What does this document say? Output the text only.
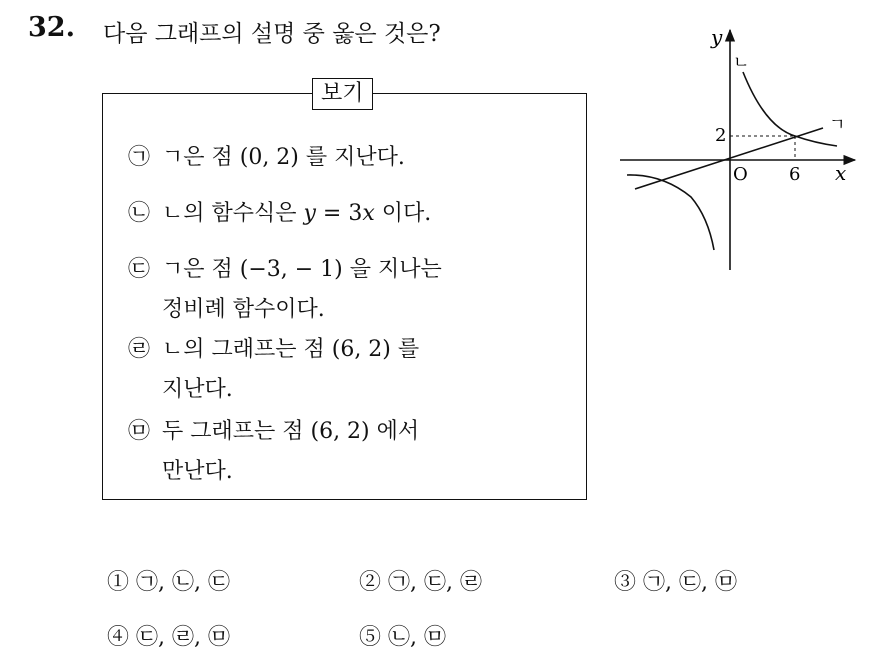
32. 다음 그래프의 설명 중 옳은 것은?
보기
㉠ ㄱ은 점 (0, 2) 를 지난다.
㉡ ㄴ의 함수식은 y = 3x 이다.
㉢ ㄱ은 점 (−3, − 1) 을 지나는
정비례 함수이다.
㉣ ㄴ의 그래프는 점 (6, 2) 를
지난다.
㉤ 두 그래프는 점 (6, 2) 에서
만난다.
y
x
O 6
2	ㄱ
ㄴ
① ㉠, ㉡, ㉢	② ㉠, ㉢, ㉣	③ ㉠, ㉢, ㉤
④ ㉢, ㉣, ㉤	⑤ ㉡, ㉤
